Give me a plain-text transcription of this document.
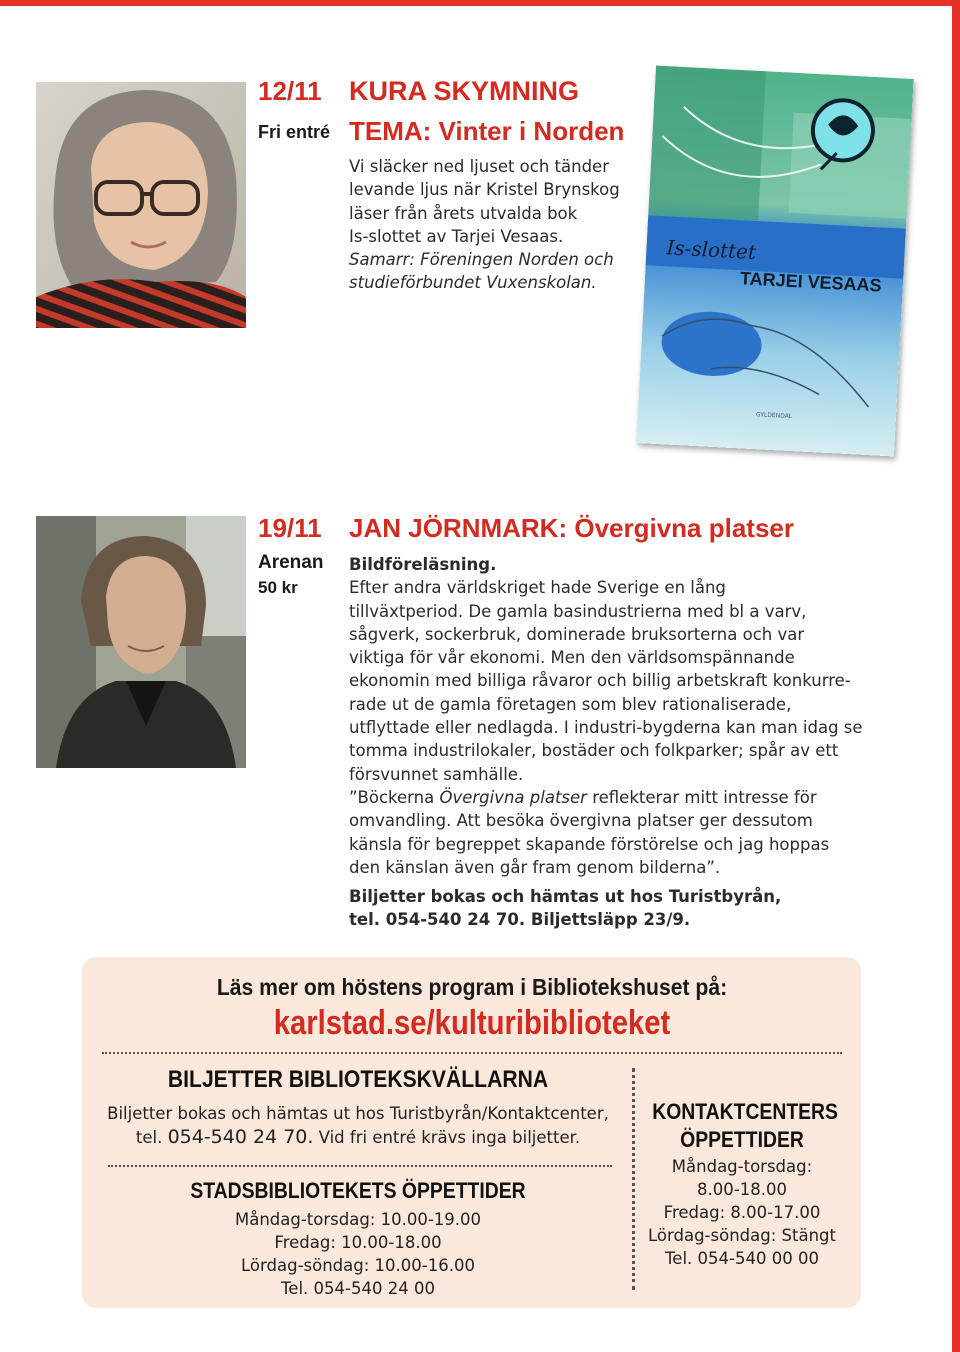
12/11
Fri entré
KURA SKYMNING
TEMA: Vinter i Norden

Vi släcker ned ljuset och tänder

levande ljus när Kristel Brynskog

läser från årets utvalda bok

Is-slottet av Tarjei Vesaas.

Samarr: Föreningen Norden och

studieförbundet Vuxenskolan.

Is-slottet
TARJEI VESAAS
GYLDENDAL
19/11
Arenan
50 kr
JAN JÖRNMARK: Övergivna platser

Bildföreläsning.

Efter andra världskriget hade Sverige en lång

tillväxtperiod. De gamla basindustrierna med bl a varv,

sågverk, sockerbruk, dominerade bruksorterna och var

viktiga för vår ekonomi. Men den världsomspännande

ekonomin med billiga råvaror och billig arbetskraft konkurre-

rade ut de gamla företagen som blev rationaliserade,

utflyttade eller nedlagda. I industri-bygderna kan man idag se

tomma industrilokaler, bostäder och folkparker; spår av ett

försvunnet samhälle.

”Böckerna Övergivna platser reflekterar mitt intresse för

omvandling. Att besöka övergivna platser ger dessutom

känsla för begreppet skapande förstörelse och jag hoppas

den känslan även går fram genom bilderna”.

Biljetter bokas och hämtas ut hos Turistbyrån,

tel. 054-540 24 70. Biljettsläpp 23/9.

Läs mer om höstens program i Bibliotekshuset på:
karlstad.se/kulturibiblioteket
BILJETTER BIBLIOTEKSKVÄLLARNA
Biljetter bokas och hämtas ut hos Turistbyrån/Kontaktcenter,
tel. 054-540 24 70. Vid fri entré krävs inga biljetter.
STADSBIBLIOTEKETS ÖPPETTIDER
Måndag-torsdag: 10.00-19.00
Fredag: 10.00-18.00
Lördag-söndag: 10.00-16.00
Tel. 054-540 24 00
KONTAKTCENTERS
ÖPPETTIDER
Måndag-torsdag:
8.00-18.00
Fredag: 8.00-17.00
Lördag-söndag: Stängt
Tel. 054-540 00 00
